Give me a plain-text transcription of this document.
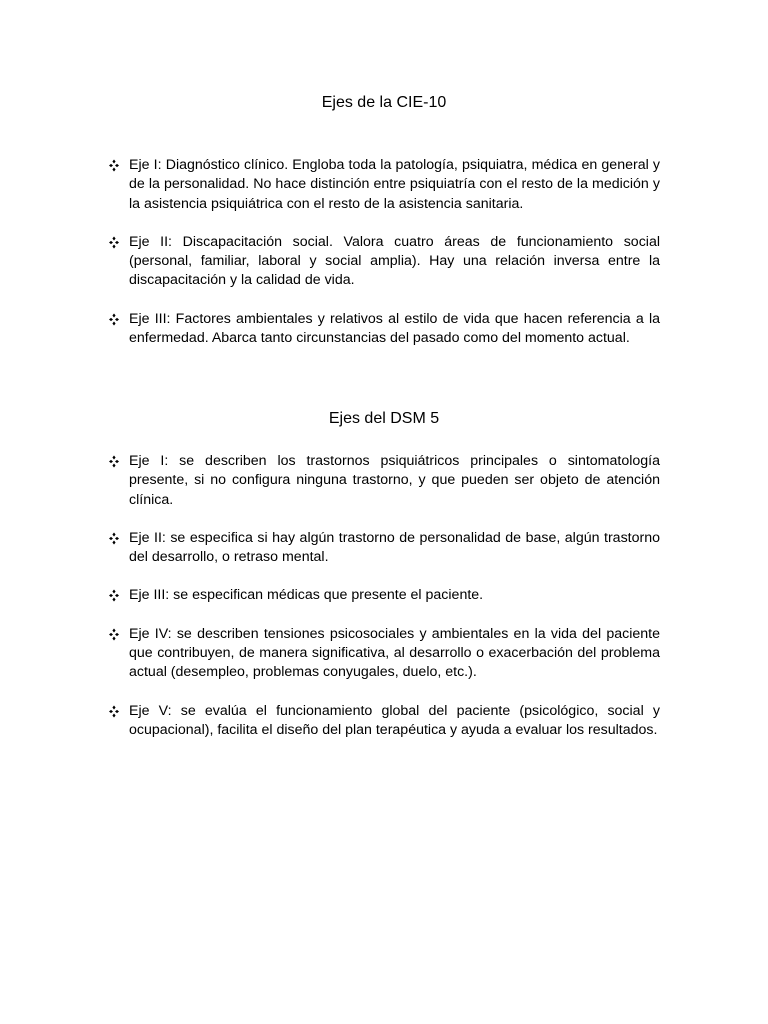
Ejes de la CIE-10
Eje I: Diagnóstico clínico. Engloba toda la patología, psiquiatra, médica en general y de la personalidad. No hace distinción entre psiquiatría con el resto de la medición y la asistencia psiquiátrica con el resto de la asistencia sanitaria.
Eje II: Discapacitación social. Valora cuatro áreas de funcionamiento social (personal, familiar, laboral y social amplia). Hay una relación inversa entre la discapacitación y la calidad de vida.
Eje III: Factores ambientales y relativos al estilo de vida que hacen referencia a la enfermedad. Abarca tanto circunstancias del pasado como del momento actual.
Ejes del DSM 5
Eje I: se describen los trastornos psiquiátricos principales o sintomatología presente, si no configura ninguna trastorno, y que pueden ser objeto de atención clínica.
Eje II: se especifica si hay algún trastorno de personalidad de base, algún trastorno del desarrollo, o retraso mental.
Eje III: se especifican médicas que presente el paciente.
Eje IV: se describen tensiones psicosociales y ambientales en la vida del paciente que contribuyen, de manera significativa, al desarrollo o exacerbación del problema actual (desempleo, problemas conyugales, duelo, etc.).
Eje V: se evalúa el funcionamiento global del paciente (psicológico, social y ocupacional), facilita el diseño del plan terapéutica y ayuda a evaluar los resultados.
